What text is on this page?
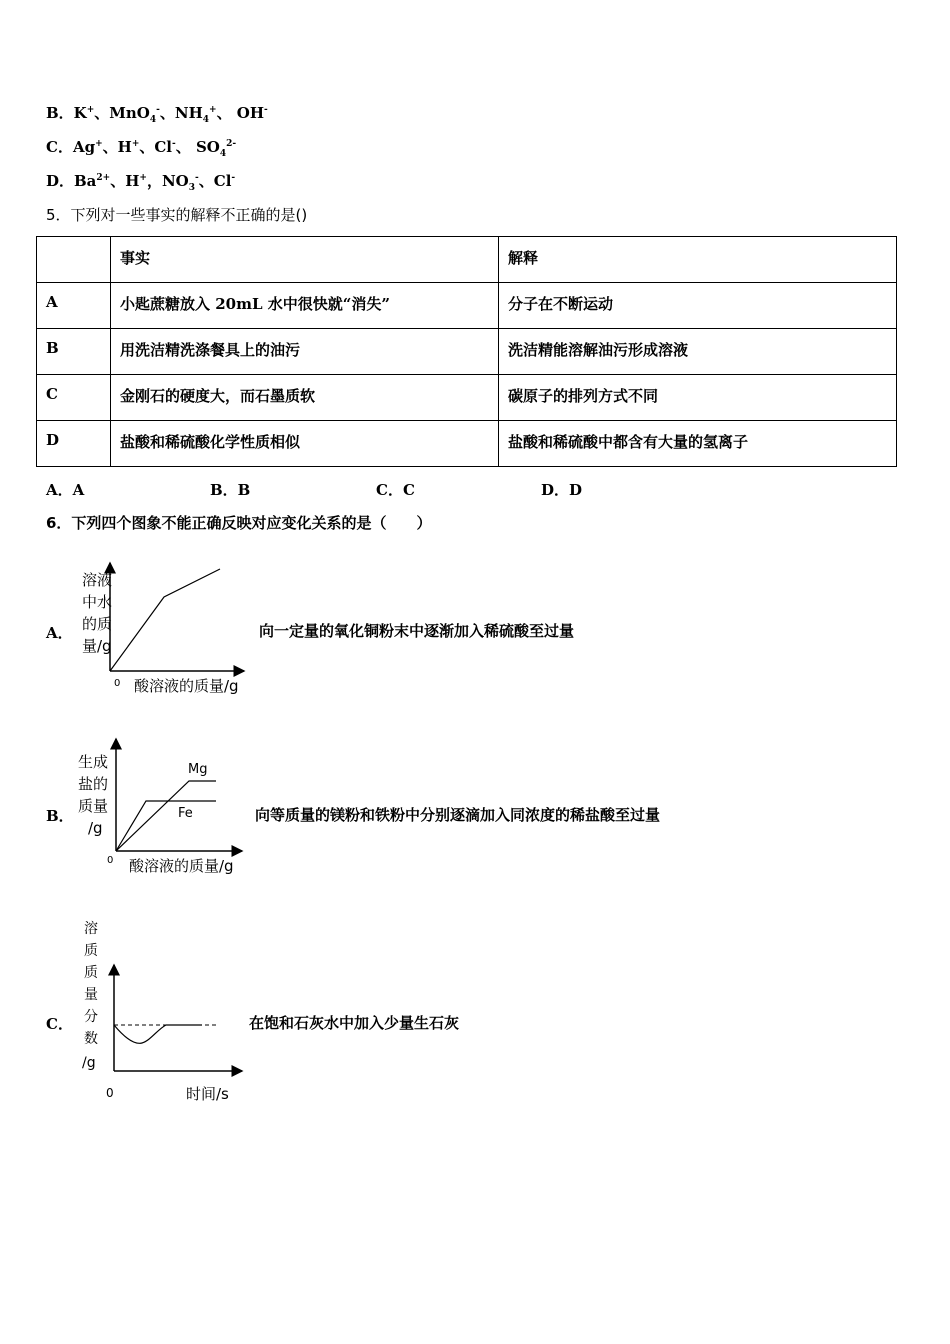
B．K+、MnO$_4$-、$NH_4^+$、 OH-
C．Ag+、H+、Cl-、 $SO_4^{2-}$
D．$Ba^{2+}$、H+，$NO_3^-$、Cl-
5．下列对一些事实的解释不正确的是()
	事实	解释
A	小匙蔗糖放入 20mL 水中很快就“消失”	分子在不断运动
B	用洗洁精洗涤餐具上的油污	洗洁精能溶解油污形成溶液
C	金刚石的硬度大，而石墨质软	碳原子的排列方式不同
D	盐酸和稀硫酸化学性质相似	盐酸和稀硫酸中都含有大量的氢离子
A．A	B．B	C．C	D．D
6．下列四个图象不能正确反映对应变化关系的是（　　）
A．
溶液
中水
的质
量/g
0 酸溶液的质量/g
向一定量的氧化铜粉末中逐渐加入稀硫酸至过量
B．
Mg
Fe
生成
盐的
质量
/g
0 酸溶液的质量/g
向等质量的镁粉和铁粉中分别逐滴加入同浓度的稀盐酸至过量
C．
溶
质
质
量
分
数
/g
0	时间/s
在饱和石灰水中加入少量生石灰
